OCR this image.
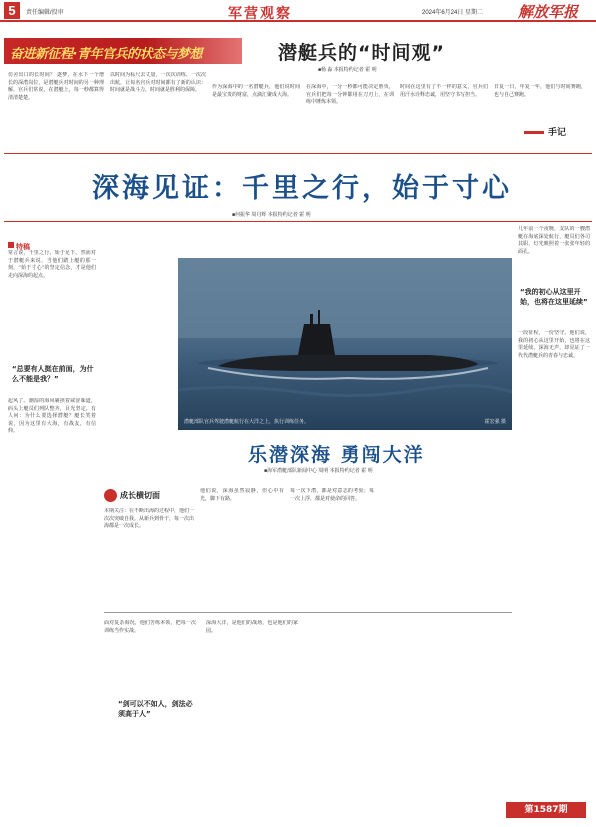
5	责任编辑/投审	军营观察	2024年6月24日 星期二 解放军报
奋进新征程·青年官兵的状态与梦想	潜艇兵的“时间观”
■杨 淼 本报特约记者 霍 明
仿舍出口的长时间？ 逐梦，在水下一个增长的深潜岗位，是潜艇兵对时间的另一种理解。官兵们常说，在潜艇上，每一秒都算得清清楚楚。
以时间为标尺去丈量，一次次训练、一次次出航，让每名官兵对时间都有了新的认识：时间就是战斗力，时间就是胜利的保障。
作为深海中的一名潜艇兵，他们说时间是最宝贵的财富，点滴汇聚成大海。
在深海中，一分一秒都可能决定胜负，官兵们把每一分钟都用在刀刃上，在训练中锤炼本领。
时间在这里有了不一样的意义，官兵们用汗水诠释忠诚，用坚守书写担当。
日复一日，年复一年，他们与时间赛跑，也与自己赛跑。
手记
深海见证：千里之行，始于寸心
■何振华 周丹辉 本报特约记者 霍 明
特稿
常言说，千里之行，始于足下。然而对于潜艇兵来说，当他们踏上艇的那一刻，“始于寸心”的坚定信念，才是他们走向深海的起点。
“总要有人挺在前面，为什么不能是我？”
起风了。潮湿的海风裹挟着咸涩味道，码头上艇员们列队整齐，目光坚定。有人问：为什么要选择潜艇？艇长笑着说，因为这里有大海，有战友，有信仰。
潜艇部队官兵驾驶潜艇航行在大洋之上，执行训练任务。	霍宏强 摄
几年前一个夜晚，支队的一艘潜艇在海底深处航行，艇员们各司其职，灯光映照着一张张年轻的面孔。
“我的初心从这里开始，也将在这里延续”
一段征程，一份坚守。他们说，我的初心从这里开始，也将在这里延续。深海无声，却见证了一代代潜艇兵的青春与忠诚。
乐潜深海 勇闯大洋
■海军潜艇部队新闻中心 周明 本报特约记者 霍 明
成长横切面
本期关注：在不断出海的过程中，他们一次次突破自我。从新兵到骨干，每一次出海都是一次成长。
他们说，深海虽然寂静，但心中有光，脚下有路。
每一次下潜，都是对意志的考验；每一次上浮，都是对使命的回答。
“剑可以不如人，剑法必须高于人”
面对复杂海况，他们苦练本领，把每一次训练当作实战。
深海大洋，是他们的战场，也是他们的家园。
第1587期
